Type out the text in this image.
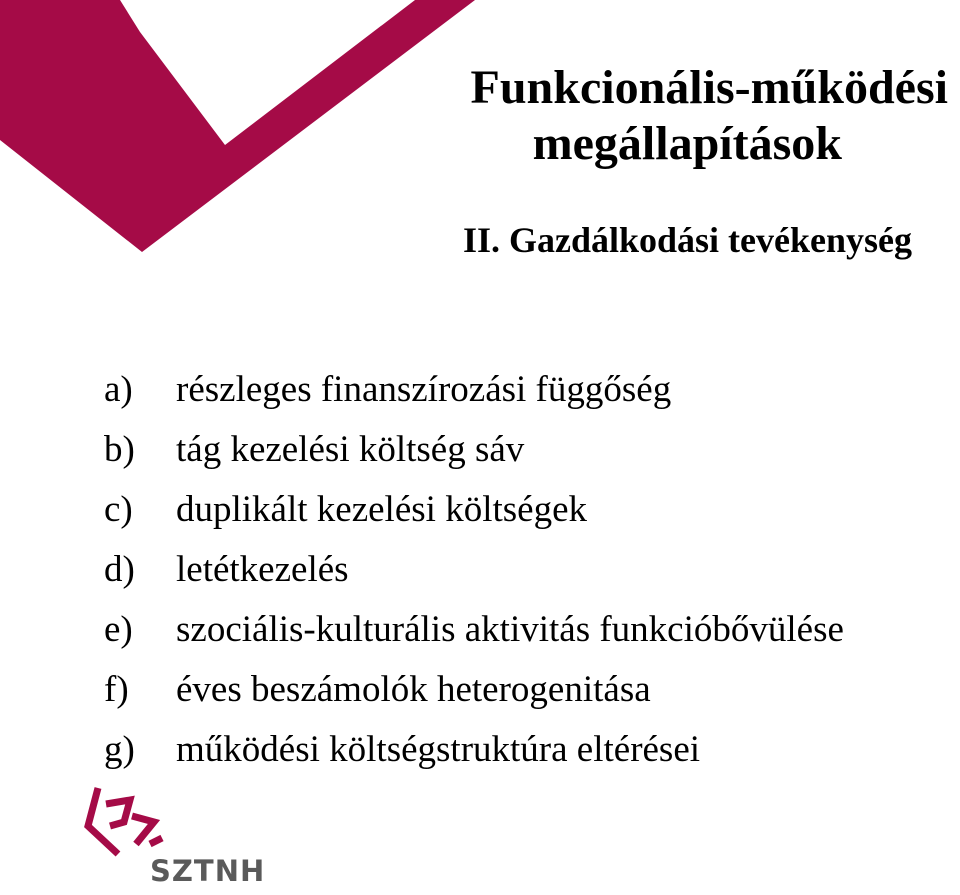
Funkcionális-működési
megállapítások
II. Gazdálkodási tevékenység
a)	részleges finanszírozási függőség
b)	tág kezelési költség sáv
c)	duplikált kezelési költségek
d)	letétkezelés
e)	szociális-kulturális aktivitás funkcióbővülése
f)	éves beszámolók heterogenitása
g)	működési költségstruktúra eltérései
SZTNH
